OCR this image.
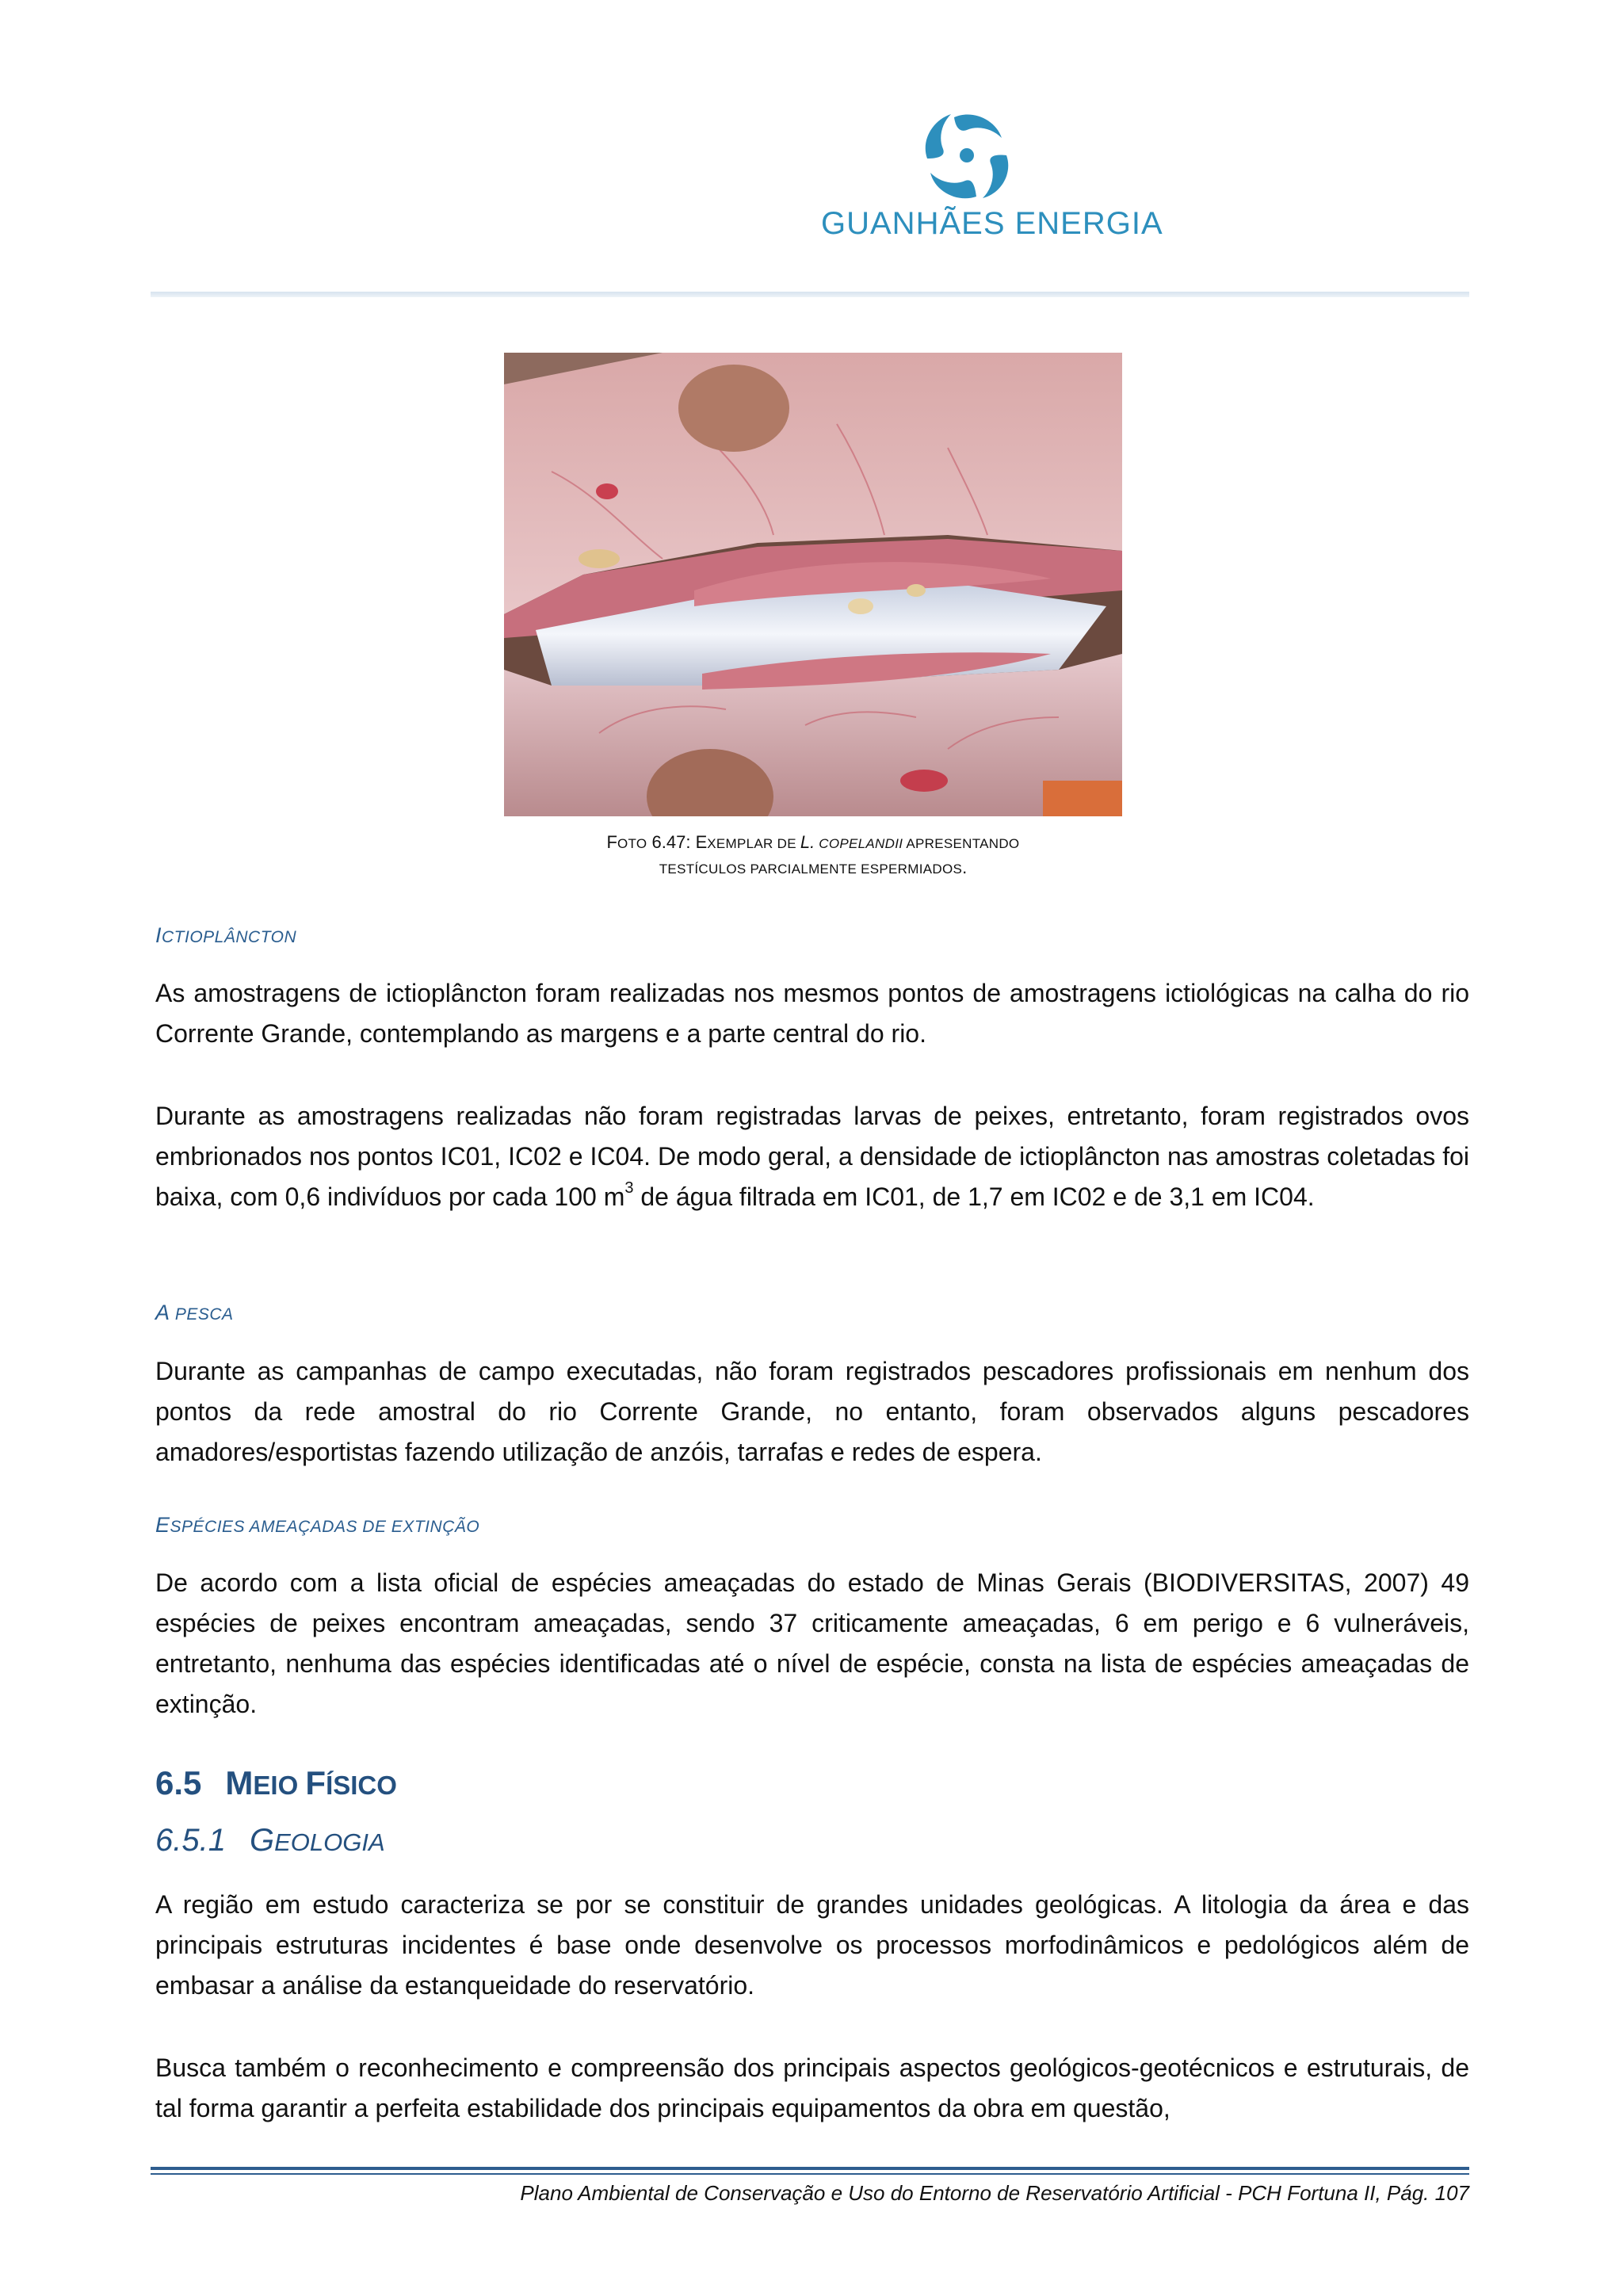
GUANHÃES ENERGIA
FOTO 6.47: EXEMPLAR DE L. COPELANDII APRESENTANDO
TESTÍCULOS PARCIALMENTE ESPERMIADOS.
ICTIOPLÂNCTON
As amostragens de ictioplâncton foram realizadas nos mesmos pontos de amostragens ictiológicas na calha do rio Corrente Grande, contemplando as margens e a parte central do rio.
Durante as amostragens realizadas não foram registradas larvas de peixes, entretanto, foram registrados ovos embrionados nos pontos IC01, IC02 e IC04. De modo geral, a densidade de ictioplâncton nas amostras coletadas foi baixa, com 0,6 indivíduos por cada 100 $m^3$ de água filtrada em IC01, de 1,7 em IC02 e de 3,1 em IC04.
A PESCA
Durante as campanhas de campo executadas, não foram registrados pescadores profissionais em nenhum dos pontos da rede amostral do rio Corrente Grande, no entanto, foram observados alguns pescadores amadores/esportistas fazendo utilização de anzóis, tarrafas e redes de espera.
ESPÉCIES AMEAÇADAS DE EXTINÇÃO
De acordo com a lista oficial de espécies ameaçadas do estado de Minas Gerais (BIODIVERSITAS, 2007) 49 espécies de peixes encontram ameaçadas, sendo 37 criticamente ameaçadas, 6 em perigo e 6 vulneráveis, entretanto, nenhuma das espécies identificadas até o nível de espécie, consta na lista de espécies ameaçadas de extinção.
6.5 MEIO FÍSICO
6.5.1 GEOLOGIA
A região em estudo caracteriza se por se constituir de grandes unidades geológicas. A litologia da área e das principais estruturas incidentes é base onde desenvolve os processos morfodinâmicos e pedológicos além de embasar a análise da estanqueidade do reservatório.
Busca também o reconhecimento e compreensão dos principais aspectos geológicos-geotécnicos e estruturais, de tal forma garantir a perfeita estabilidade dos principais equipamentos da obra em questão,
Plano Ambiental de Conservação e Uso do Entorno de Reservatório Artificial - PCH Fortuna II, Pág. 107
